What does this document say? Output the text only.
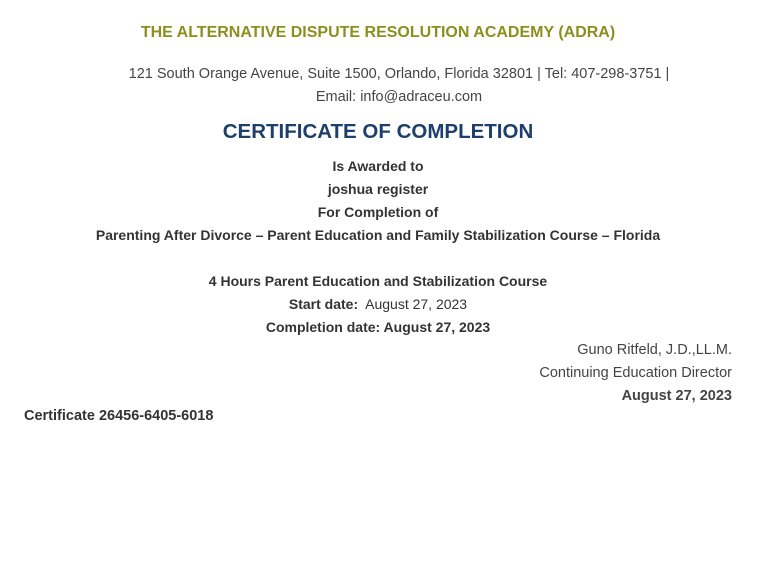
THE ALTERNATIVE DISPUTE RESOLUTION ACADEMY (ADRA)
121 South Orange Avenue, Suite 1500, Orlando, Florida 32801 | Tel: 407-298-3751 |
Email: info@adraceu.com
CERTIFICATE OF COMPLETION
Is Awarded to
joshua register
For Completion of
Parenting After Divorce – Parent Education and Family Stabilization Course – Florida
4 Hours Parent Education and Stabilization Course
Start date: August 27, 2023
Completion date: August 27, 2023
Guno Ritfeld, J.D.,LL.M.
Continuing Education Director
August 27, 2023
Certificate 26456-6405-6018
